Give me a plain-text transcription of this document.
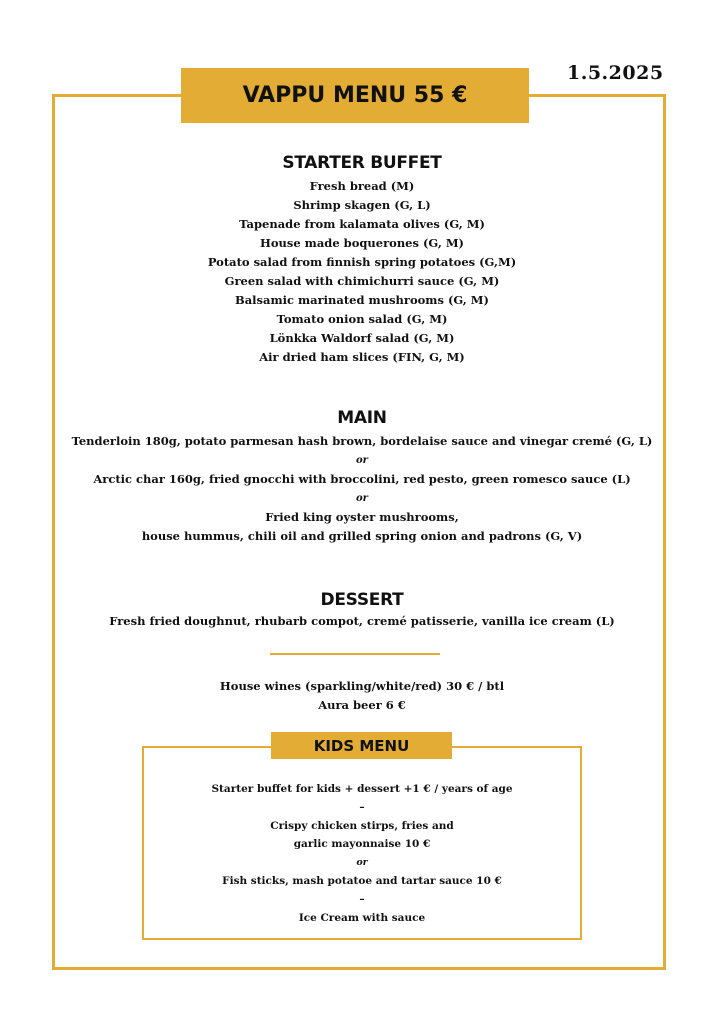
VAPPU MENU 55 €
1.5.2025
STARTER BUFFET
Fresh bread (M)
Shrimp skagen (G, L)
Tapenade from kalamata olives (G, M)
House made boquerones (G, M)
Potato salad from finnish spring potatoes (G,M)
Green salad with chimichurri sauce (G, M)
Balsamic marinated mushrooms (G, M)
Tomato onion salad (G, M)
Lönkka Waldorf salad (G, M)
Air dried ham slices (FIN, G, M)
MAIN
Tenderloin 180g, potato parmesan hash brown, bordelaise sauce and vinegar cremé (G, L)
or
Arctic char 160g, fried gnocchi with broccolini, red pesto, green romesco sauce (L)
or
Fried king oyster mushrooms,
house hummus, chili oil and grilled spring onion and padrons (G, V)
DESSERT
Fresh fried doughnut, rhubarb compot, cremé patisserie, vanilla ice cream (L)
House wines (sparkling/white/red) 30 € / btl
Aura beer 6 €
KIDS MENU
Starter buffet for kids + dessert +1 € / years of age
–
Crispy chicken stirps, fries and
garlic mayonnaise 10 €
or
Fish sticks, mash potatoe and tartar sauce 10 €
–
Ice Cream with sauce
